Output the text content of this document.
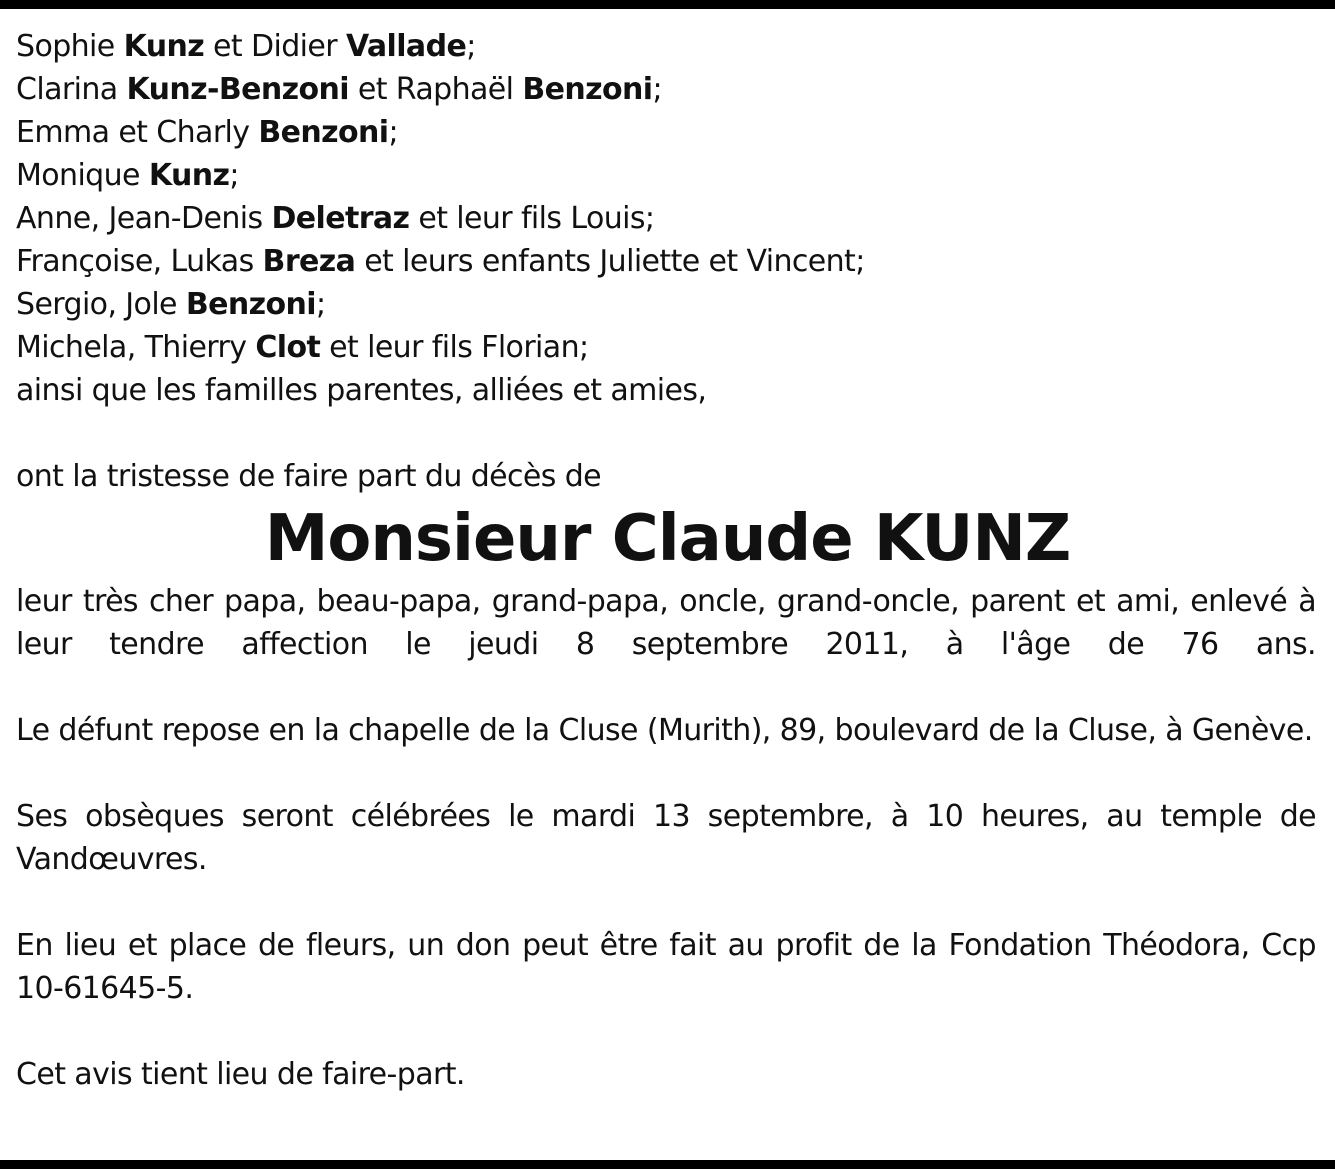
Sophie Kunz et Didier Vallade;
Clarina Kunz-Benzoni et Raphaël Benzoni;
Emma et Charly Benzoni;
Monique Kunz;
Anne, Jean-Denis Deletraz et leur fils Louis;
Françoise, Lukas Breza et leurs enfants Juliette et Vincent;
Sergio, Jole Benzoni;
Michela, Thierry Clot et leur fils Florian;
ainsi que les familles parentes, alliées et amies,

ont la tristesse de faire part du décès de

Monsieur Claude KUNZ

leur très cher papa, beau-papa, grand-papa, oncle, grand-oncle, parent et ami, enlevé à leur tendre affection le jeudi 8 septembre 2011, à l'âge de 76 ans.

Le défunt repose en la chapelle de la Cluse (Murith), 89, boulevard de la Cluse, à Genève.

Ses obsèques seront célébrées le mardi 13 septembre, à 10 heures, au temple de Vandœuvres.

En lieu et place de fleurs, un don peut être fait au profit de la Fondation Théodora, Ccp 10-61645-5.

Cet avis tient lieu de faire-part.
